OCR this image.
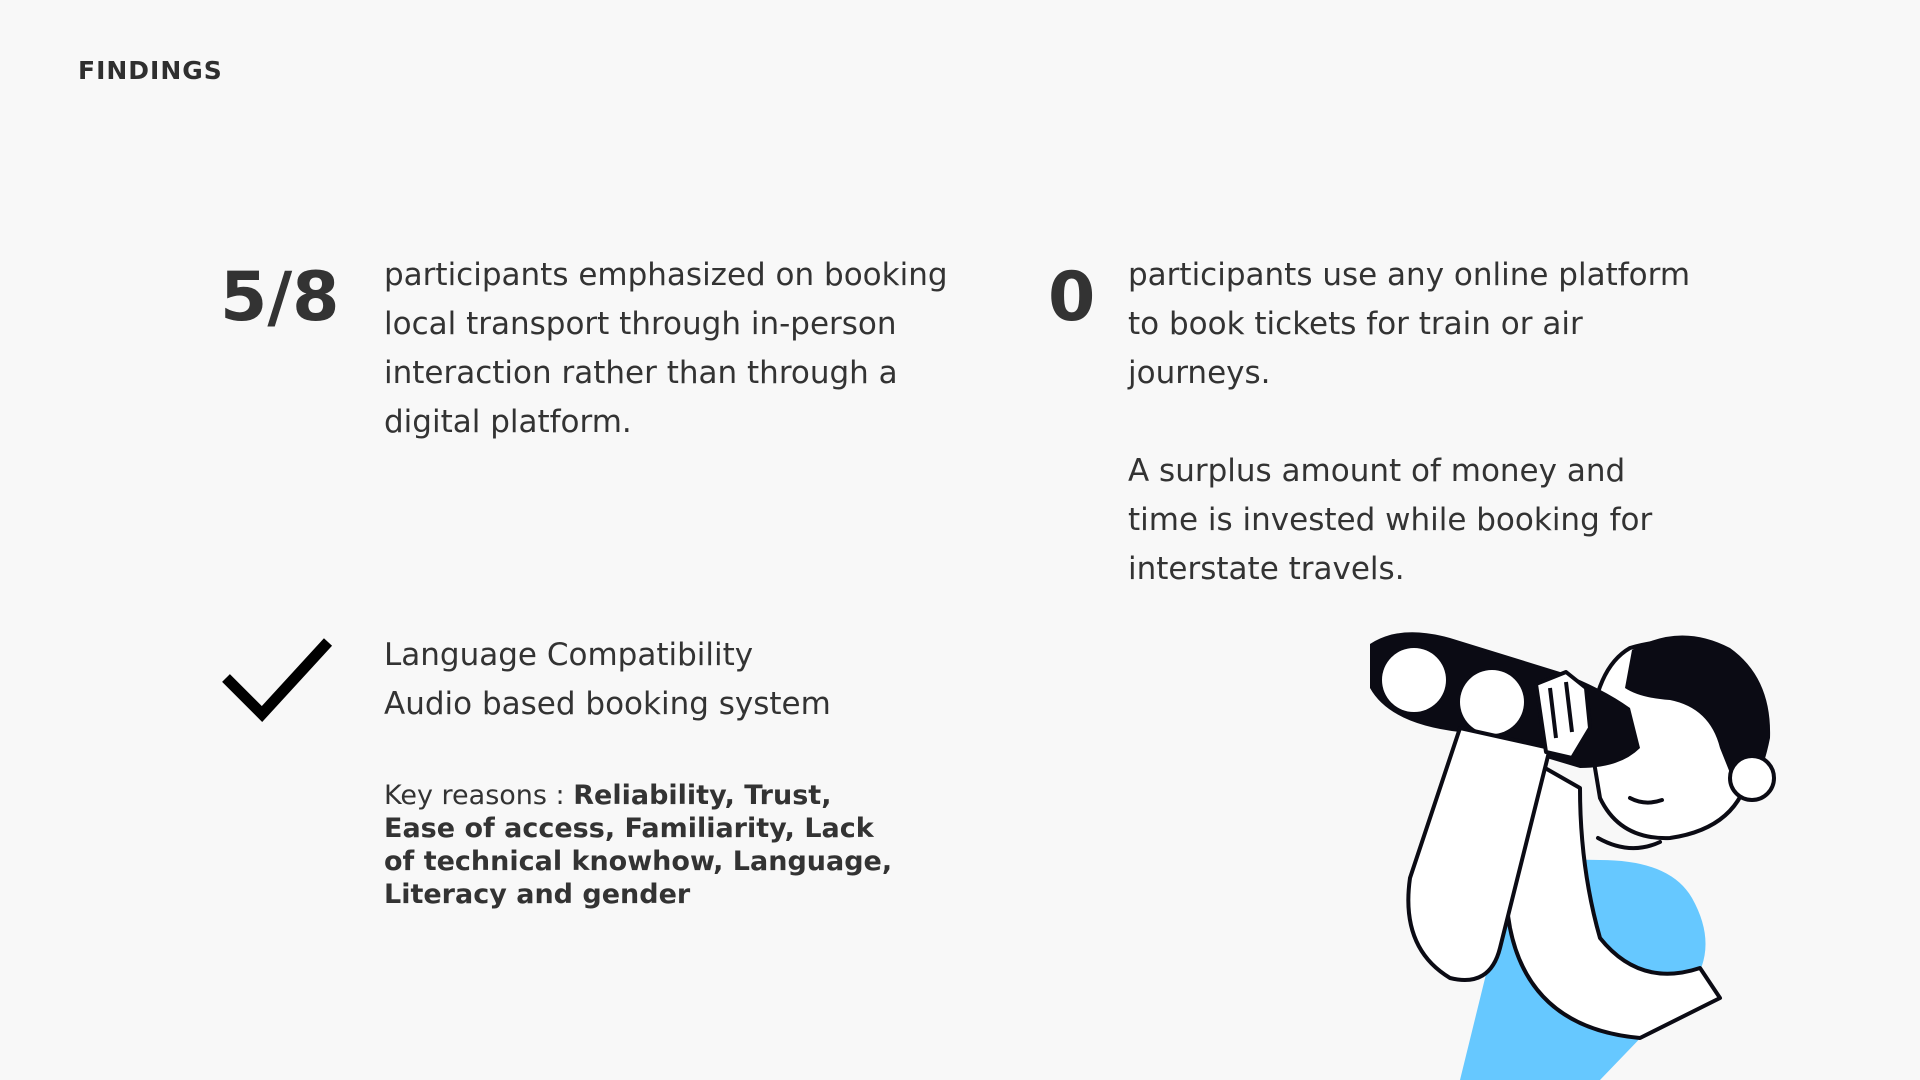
FINDINGS
5/8 participants emphasized on booking local transport through in-person interaction rather than through a digital platform.

0 participants use any online platform to book tickets for train or air journeys.

A surplus amount of money and time is invested while booking for interstate travels.

Language Compatibility

Audio based booking system

Key reasons : Reliability, Trust, Ease of access, Familiarity, Lack of technical knowhow, Language, Literacy and gender
